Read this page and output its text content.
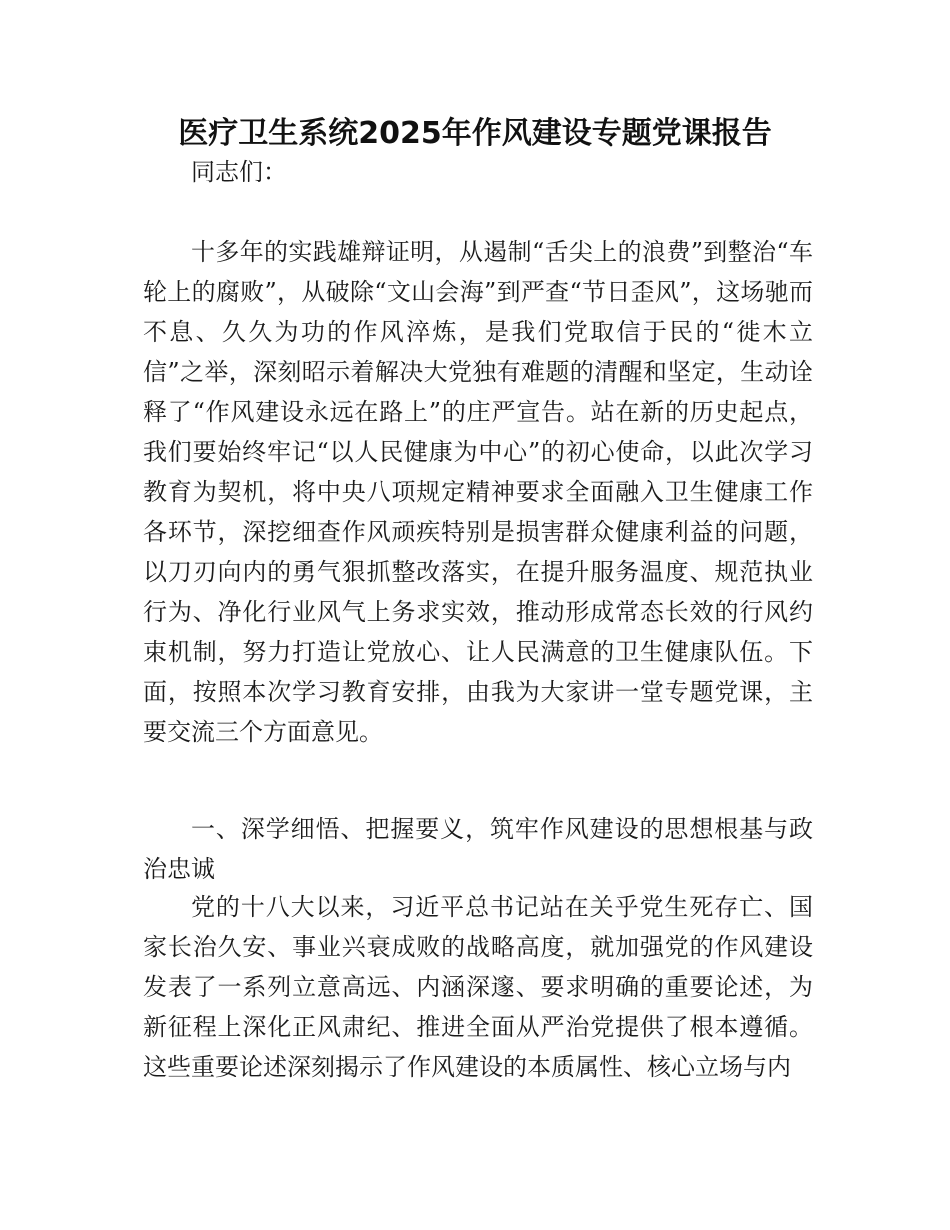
医疗卫生系统2025年作风建设专题党课报告

同志们：

十多年的实践雄辩证明，从遏制“舌尖上的浪费”到整治“车轮上的腐败”，从破除“文山会海”到严查“节日歪风”，这场驰而不息、久久为功的作风淬炼，是我们党取信于民的“徙木立信”之举，深刻昭示着解决大党独有难题的清醒和坚定，生动诠释了“作风建设永远在路上”的庄严宣告。站在新的历史起点，我们要始终牢记“以人民健康为中心”的初心使命，以此次学习教育为契机，将中央八项规定精神要求全面融入卫生健康工作各环节，深挖细查作风顽疾特别是损害群众健康利益的问题，以刀刃向内的勇气狠抓整改落实，在提升服务温度、规范执业行为、净化行业风气上务求实效，推动形成常态长效的行风约束机制，努力打造让党放心、让人民满意的卫生健康队伍。下面，按照本次学习教育安排，由我为大家讲一堂专题党课，主要交流三个方面意见。

一、深学细悟、把握要义，筑牢作风建设的思想根基与政治忠诚

党的十八大以来，习近平总书记站在关乎党生死存亡、国家长治久安、事业兴衰成败的战略高度，就加强党的作风建设发表了一系列立意高远、内涵深邃、要求明确的重要论述，为新征程上深化正风肃纪、推进全面从严治党提供了根本遵循。这些重要论述深刻揭示了作风建设的本质属性、核心立场与内
